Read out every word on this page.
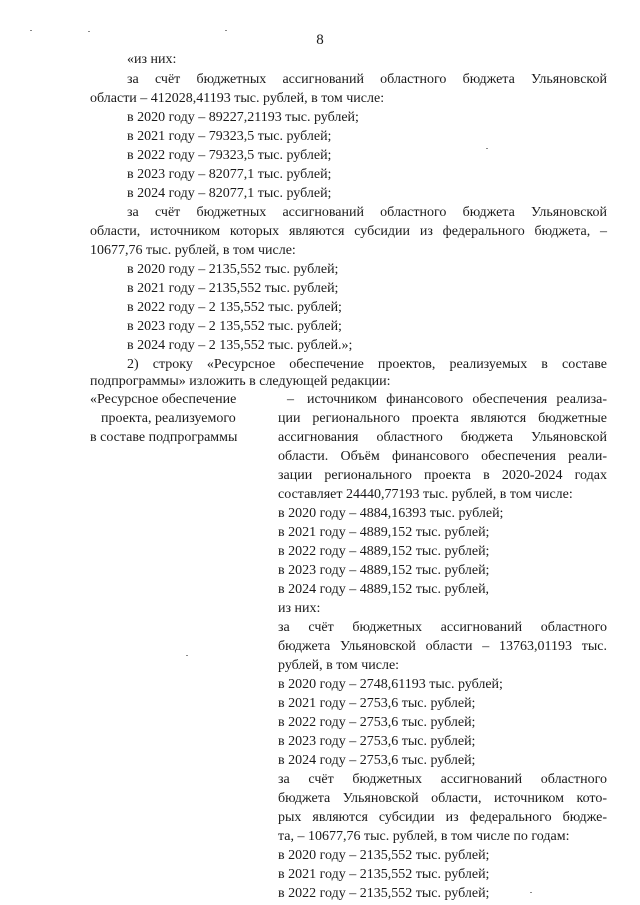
8
«из них:
за счёт бюджетных ассигнований областного бюджета Ульяновской
области – 412028,41193 тыс. рублей, в том числе:
в 2020 году – 89227,21193 тыс. рублей;
в 2021 году – 79323,5 тыс. рублей;
в 2022 году – 79323,5 тыс. рублей;
в 2023 году – 82077,1 тыс. рублей;
в 2024 году – 82077,1 тыс. рублей;
за счёт бюджетных ассигнований областного бюджета Ульяновской
области, источником которых являются субсидии из федерального бюджета, –
10677,76 тыс. рублей, в том числе:
в 2020 году – 2135,552 тыс. рублей;
в 2021 году – 2135,552 тыс. рублей;
в 2022 году – 2 135,552 тыс. рублей;
в 2023 году – 2 135,552 тыс. рублей;
в 2024 году – 2 135,552 тыс. рублей.»;
2) строку «Ресурсное обеспечение проектов, реализуемых в составе
подпрограммы» изложить в следующей редакции:
«Ресурсное обеспечение
проекта, реализуемого
в составе подпрограммы
– источником финансового обеспечения реализа-
ции регионального проекта являются бюджетные
ассигнования областного бюджета Ульяновской
области. Объём финансового обеспечения реали-
зации регионального проекта в 2020-2024 годах
составляет 24440,77193 тыс. рублей, в том числе:
в 2020 году – 4884,16393 тыс. рублей;
в 2021 году – 4889,152 тыс. рублей;
в 2022 году – 4889,152 тыс. рублей;
в 2023 году – 4889,152 тыс. рублей;
в 2024 году – 4889,152 тыс. рублей,
из них:
за счёт бюджетных ассигнований областного
бюджета Ульяновской области – 13763,01193 тыс.
рублей, в том числе:
в 2020 году – 2748,61193 тыс. рублей;
в 2021 году – 2753,6 тыс. рублей;
в 2022 году – 2753,6 тыс. рублей;
в 2023 году – 2753,6 тыс. рублей;
в 2024 году – 2753,6 тыс. рублей;
за счёт бюджетных ассигнований областного
бюджета Ульяновской области, источником кото-
рых являются субсидии из федерального бюдже-
та, – 10677,76 тыс. рублей, в том числе по годам:
в 2020 году – 2135,552 тыс. рублей;
в 2021 году – 2135,552 тыс. рублей;
в 2022 году – 2135,552 тыс. рублей;
